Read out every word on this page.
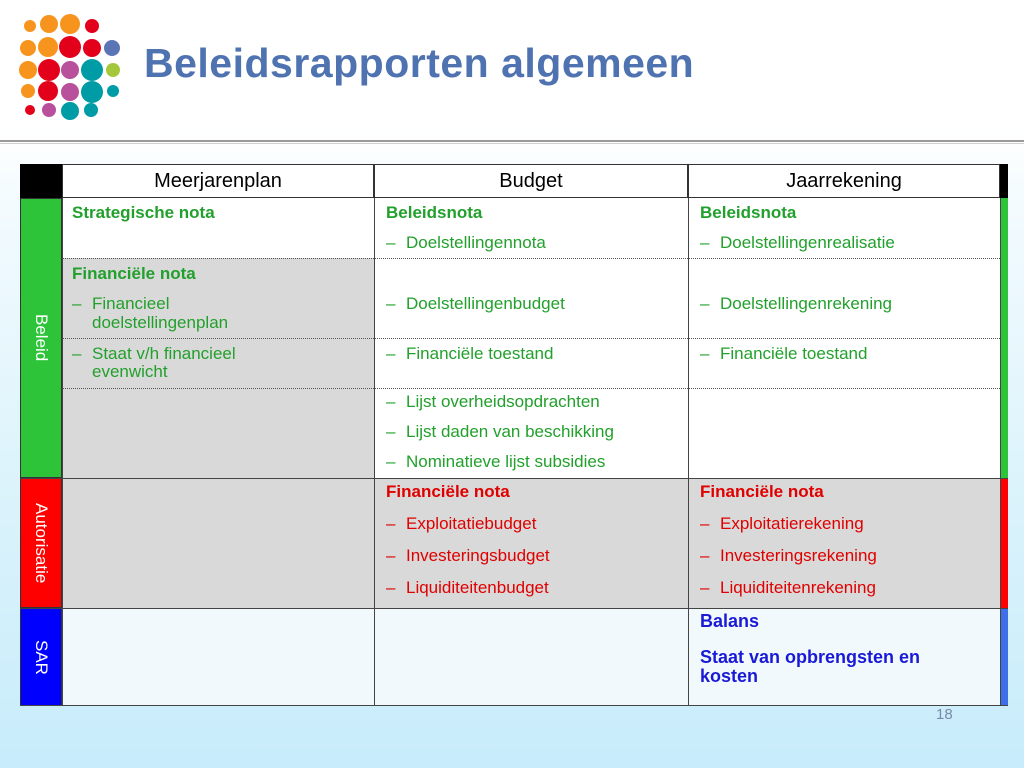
Beleidsrapporten algemeen
Meerjarenplan	Budget	Jaarrekening
Beleid
Autorisatie
SAR
Strategische nota
Financiële nota
– Financieel
doelstellingenplan
– Staat v/h financieel
evenwicht
Beleidsnota
– Doelstellingennota
– Doelstellingenbudget
– Financiële toestand
– Lijst overheidsopdrachten
– Lijst daden van beschikking
– Nominatieve lijst subsidies
Financiële nota
– Exploitatiebudget
– Investeringsbudget
– Liquiditeitenbudget
Beleidsnota
– Doelstellingenrealisatie
– Doelstellingenrekening
– Financiële toestand
Financiële nota
– Exploitatierekening
– Investeringsrekening
– Liquiditeitenrekening
Balans
Staat van opbrengsten en
kosten
18
